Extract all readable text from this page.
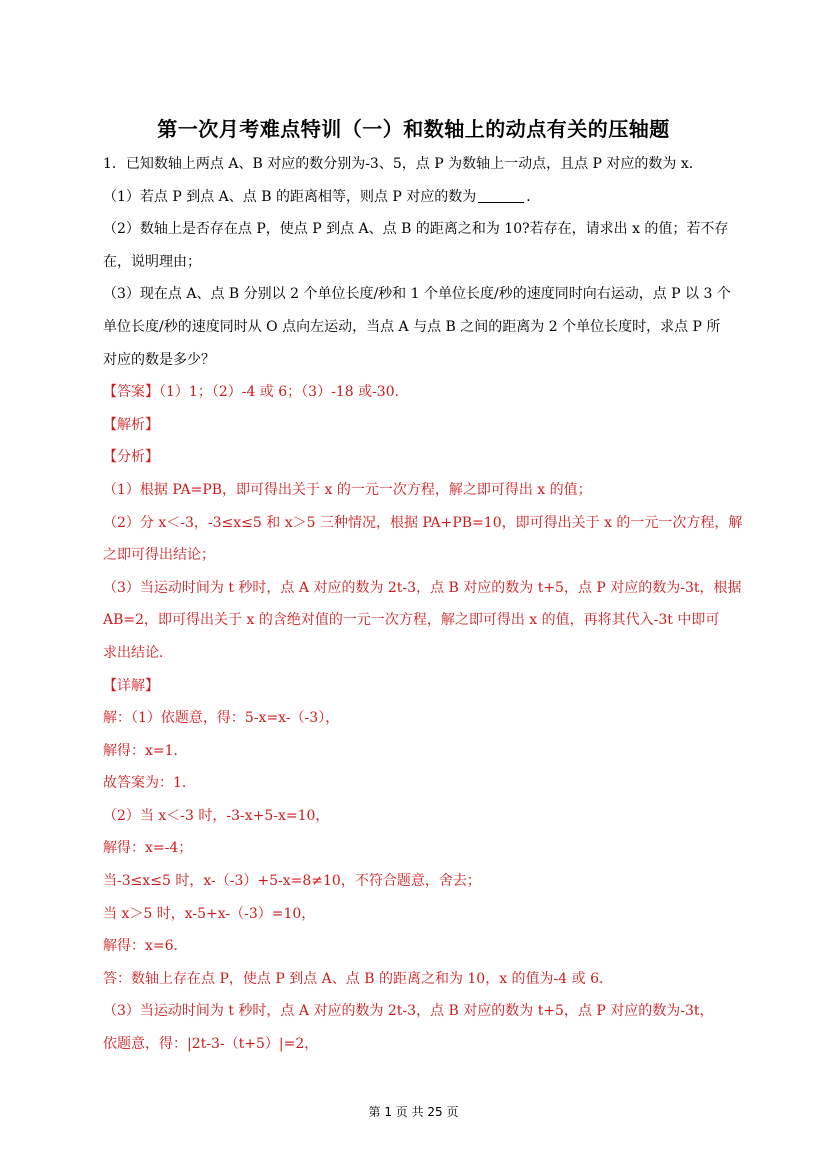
第一次月考难点特训（一）和数轴上的动点有关的压轴题
1．已知数轴上两点 A、B 对应的数分别为-3、5，点 P 为数轴上一动点，且点 P 对应的数为 x．
（1）若点 P 到点 A、点 B 的距离相等，则点 P 对应的数为	．
（2）数轴上是否存在点 P，使点 P 到点 A、点 B 的距离之和为 10?若存在，请求出 x 的值；若不存
在，说明理由；
（3）现在点 A、点 B 分别以 2 个单位长度/秒和 1 个单位长度/秒的速度同时向右运动，点 P 以 3 个
单位长度/秒的速度同时从 O 点向左运动，当点 A 与点 B 之间的距离为 2 个单位长度时，求点 P 所
对应的数是多少？
【答案】（1）1；（2）-4 或 6；（3）-18 或-30．
【解析】
【分析】
（1）根据 PA=PB，即可得出关于 x 的一元一次方程，解之即可得出 x 的值；
（2）分 x＜-3，-3≤x≤5 和 x＞5 三种情况，根据 PA+PB=10，即可得出关于 x 的一元一次方程，解
之即可得出结论；
（3）当运动时间为 t 秒时，点 A 对应的数为 2t-3，点 B 对应的数为 t+5，点 P 对应的数为-3t，根据
AB=2，即可得出关于 x 的含绝对值的一元一次方程，解之即可得出 x 的值，再将其代入-3t 中即可
求出结论．
【详解】
解：（1）依题意，得：5-x=x-（-3），
解得：x=1．
故答案为：1．
（2）当 x＜-3 时，-3-x+5-x=10，
解得：x=-4；
当-3≤x≤5 时，x-（-3）+5-x=8≠10，不符合题意，舍去；
当 x＞5 时，x-5+x-（-3）=10，
解得：x=6．
答：数轴上存在点 P，使点 P 到点 A、点 B 的距离之和为 10，x 的值为-4 或 6．
（3）当运动时间为 t 秒时，点 A 对应的数为 2t-3，点 B 对应的数为 t+5，点 P 对应的数为-3t，
依题意，得：|2t-3-（t+5）|=2，
第 1 页 共 25 页
